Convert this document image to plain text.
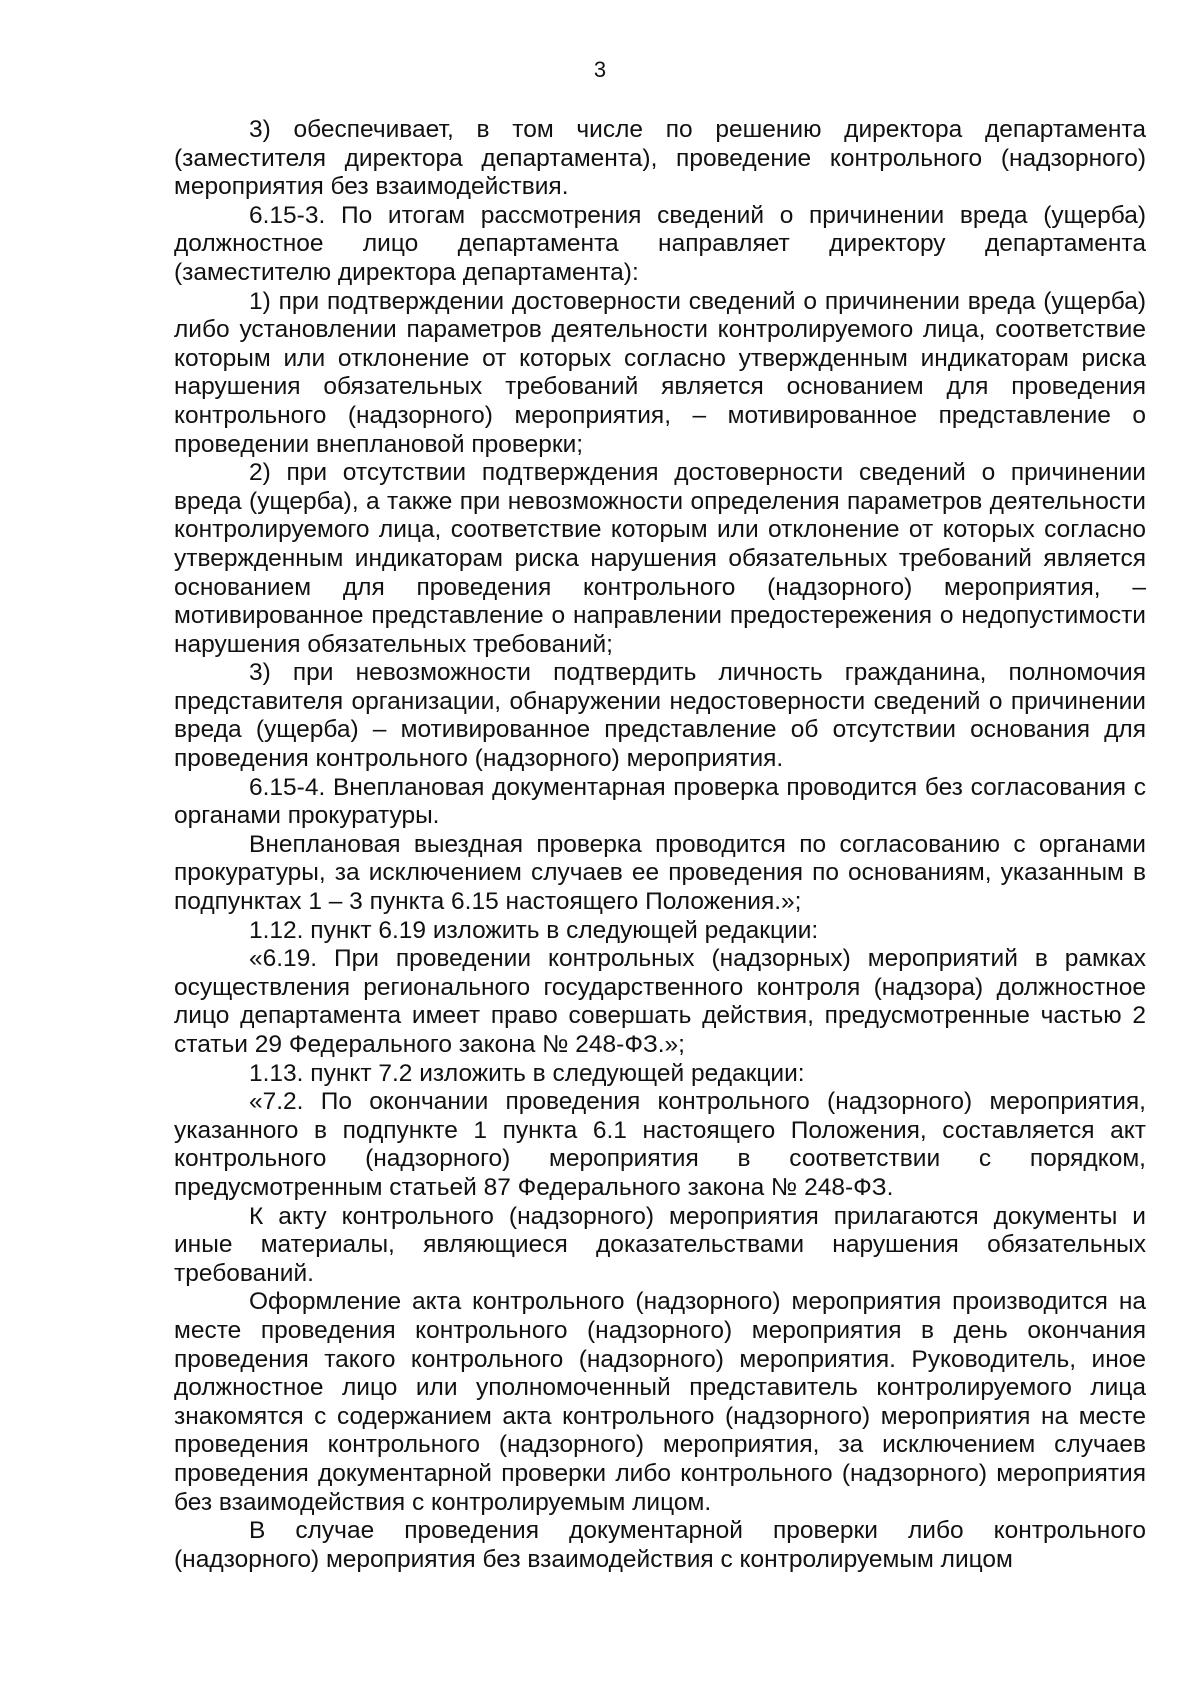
3

3) обеспечивает, в том числе по решению директора департамента (заместителя директора департамента), проведение контрольного (надзорного) мероприятия без взаимодействия.

6.15-3. По итогам рассмотрения сведений о причинении вреда (ущерба) должностное лицо департамента направляет директору департамента (заместителю директора департамента):

1) при подтверждении достоверности сведений о причинении вреда (ущерба) либо установлении параметров деятельности контролируемого лица, соответствие которым или отклонение от которых согласно утвержденным индикаторам риска нарушения обязательных требований является основанием для проведения контрольного (надзорного) мероприятия, – мотивированное представление о проведении внеплановой проверки;

2) при отсутствии подтверждения достоверности сведений о причинении вреда (ущерба), а также при невозможности определения параметров деятельности контролируемого лица, соответствие которым или отклонение от которых согласно утвержденным индикаторам риска нарушения обязательных требований является основанием для проведения контрольного (надзорного) мероприятия, – мотивированное представление о направлении предостережения о недопустимости нарушения обязательных требований;

3) при невозможности подтвердить личность гражданина, полномочия представителя организации, обнаружении недостоверности сведений о причинении вреда (ущерба) – мотивированное представление об отсутствии основания для проведения контрольного (надзорного) мероприятия.

6.15-4. Внеплановая документарная проверка проводится без согласования с органами прокуратуры.

Внеплановая выездная проверка проводится по согласованию с органами прокуратуры, за исключением случаев ее проведения по основаниям, указанным в подпунктах 1 – 3 пункта 6.15 настоящего Положения.»;

1.12. пункт 6.19 изложить в следующей редакции:

«6.19. При проведении контрольных (надзорных) мероприятий в рамках осуществления регионального государственного контроля (надзора) должностное лицо департамента имеет право совершать действия, предусмотренные частью 2 статьи 29 Федерального закона № 248-ФЗ.»;

1.13. пункт 7.2 изложить в следующей редакции:

«7.2. По окончании проведения контрольного (надзорного) мероприятия, указанного в подпункте 1 пункта 6.1 настоящего Положения, составляется акт контрольного (надзорного) мероприятия в соответствии с порядком, предусмотренным статьей 87 Федерального закона № 248-ФЗ.

К акту контрольного (надзорного) мероприятия прилагаются документы и иные материалы, являющиеся доказательствами нарушения обязательных требований.

Оформление акта контрольного (надзорного) мероприятия производится на месте проведения контрольного (надзорного) мероприятия в день окончания проведения такого контрольного (надзорного) мероприятия. Руководитель, иное должностное лицо или уполномоченный представитель контролируемого лица знакомятся с содержанием акта контрольного (надзорного) мероприятия на месте проведения контрольного (надзорного) мероприятия, за исключением случаев проведения документарной проверки либо контрольного (надзорного) мероприятия без взаимодействия с контролируемым лицом.

В случае проведения документарной проверки либо контрольного (надзорного) мероприятия без взаимодействия с контролируемым лицом
